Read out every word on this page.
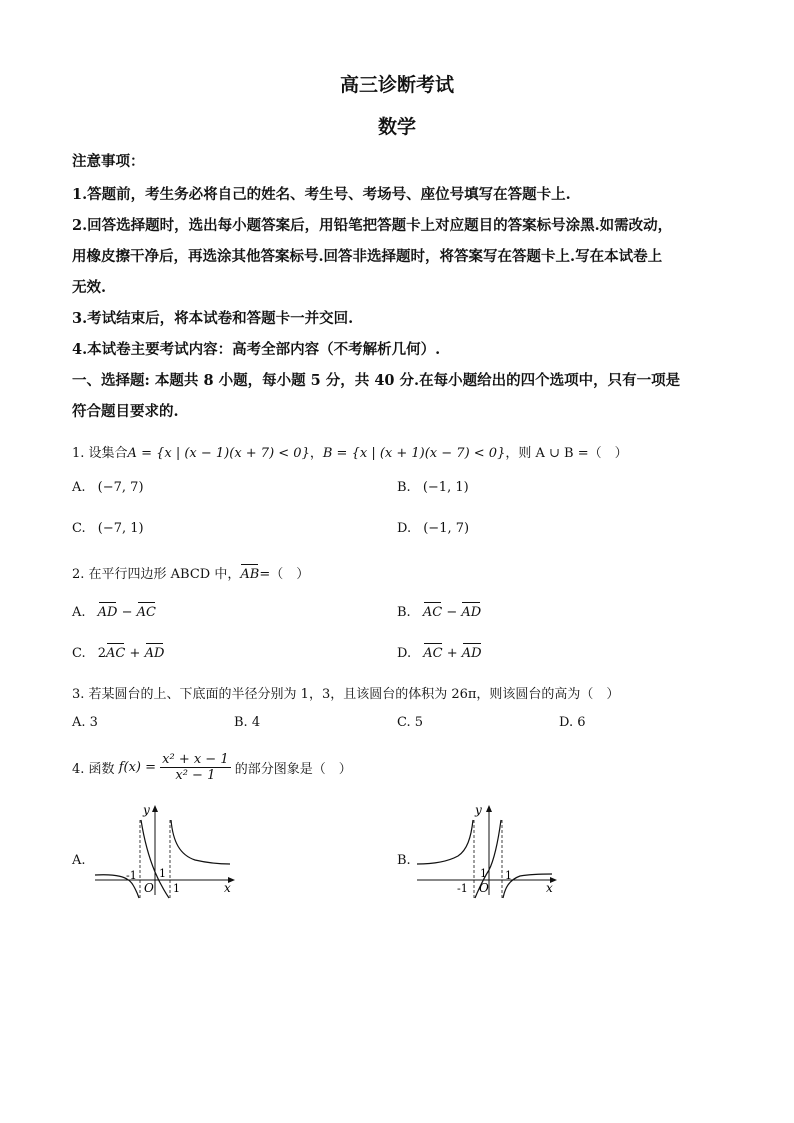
高三诊断考试
数学
注意事项：
1.答题前，考生务必将自己的姓名、考生号、考场号、座位号填写在答题卡上.
2.回答选择题时，选出每小题答案后，用铅笔把答题卡上对应题目的答案标号涂黑.如需改动，
用橡皮擦干净后，再选涂其他答案标号.回答非选择题时，将答案写在答题卡上.写在本试卷上
无效.
3.考试结束后，将本试卷和答题卡一并交回.
4.本试卷主要考试内容：高考全部内容（不考解析几何）.
一、选择题: 本题共 8 小题，每小题 5 分，共 40 分.在每小题给出的四个选项中，只有一项是
符合题目要求的.
1. 设集合A = {x | (x − 1)(x + 7) < 0}，B = {x | (x + 1)(x − 7) < 0}，则 A ∪ B =（　）
A. (−7, 7)	B. (−1, 1)
C. (−7, 1)	D. (−1, 7)
2. 在平行四边形 ABCD 中，AB=（　）
A. AD − AC	B. AC − AD
C. 2AC + AD	D. AC + AD
3. 若某圆台的上、下底面的半径分别为 1，3，且该圆台的体积为 26π，则该圆台的高为（　）
A. 3	B. 4	C. 5	D. 6
4. 函数 $f(x) = \frac{\text{x² + x − 1}}{\text{x² − 1}}$ 的部分图象是（　）
A.
y
x
O
-1 1
1
B.
y
x
O
-1
1 1
